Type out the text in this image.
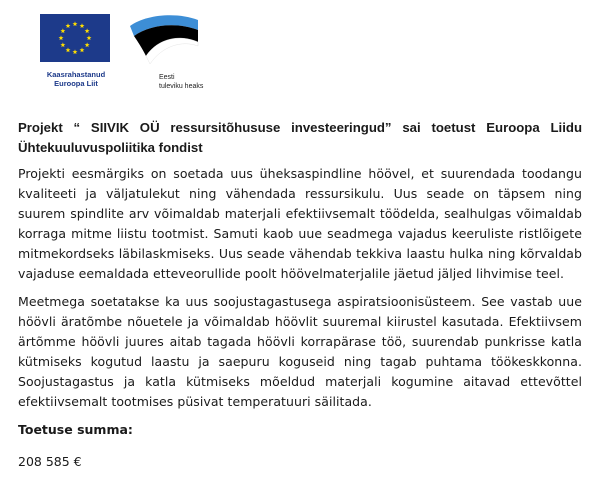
Kaasrahastanud
Euroopa Liit
Eesti
tuleviku heaks

Projekt “ SIIVIK OÜ ressursitõhususe investeeringud” sai toetust Euroopa Liidu Ühtekuuluvuspoliitika fondist

Projekti eesmärgiks on soetada uus üheksaspindline höövel, et suurendada toodangu kvaliteeti ja väljatulekut ning vähendada ressursikulu. Uus seade on täpsem ning suurem spindlite arv võimaldab materjali efektiivsemalt töödelda, sealhulgas võimaldab korraga mitme liistu tootmist. Samuti kaob uue seadmega vajadus keeruliste ristlõigete mitmekordseks läbilaskmiseks. Uus seade vähendab tekkiva laastu hulka ning kõrvaldab vajaduse eemaldada etteveorullide poolt höövelmaterjalile jäetud jäljed lihvimise teel.

Meetmega soetatakse ka uus soojustagastusega aspiratsioonisüsteem. See vastab uue höövli äratõmbe nõuetele ja võimaldab höövlit suuremal kiirustel kasutada. Efektiivsem ärtõmme höövli juures aitab tagada höövli korrapärase töö, suurendab punkrisse katla kütmiseks kogutud laastu ja saepuru koguseid ning tagab puhtama töökeskkonna. Soojustagastus ja katla kütmiseks mõeldud materjali kogumine aitavad ettevõttel efektiivsemalt tootmises püsivat temperatuuri säilitada.

Toetuse summa:

208 585 €
